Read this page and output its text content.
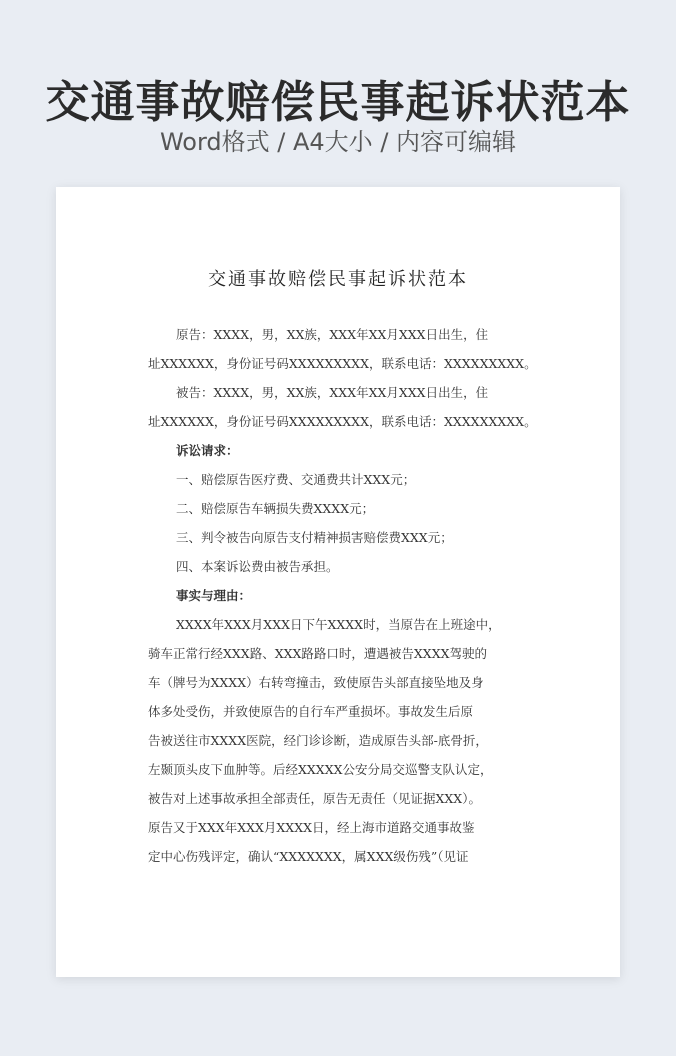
交通事故赔偿民事起诉状范本
Word格式 / A4大小 / 内容可编辑
交通事故赔偿民事起诉状范本
原告：XXXX，男，XX族，XXX年XX月XXX日出生，住
址XXXXXX，身份证号码XXXXXXXXX，联系电话：XXXXXXXXX。
被告：XXXX，男，XX族，XXX年XX月XXX日出生，住
址XXXXXX，身份证号码XXXXXXXXX，联系电话：XXXXXXXXX。
诉讼请求：
一、赔偿原告医疗费、交通费共计XXX元；
二、赔偿原告车辆损失费XXXX元；
三、判令被告向原告支付精神损害赔偿费XXX元；
四、本案诉讼费由被告承担。
事实与理由：
XXXX年XXX月XXX日下午XXXX时，当原告在上班途中，
骑车正常行经XXX路、XXX路路口时，遭遇被告XXXX驾驶的
车（牌号为XXXX）右转弯撞击，致使原告头部直接坠地及身
体多处受伤，并致使原告的自行车严重损坏。事故发生后原
告被送往市XXXX医院，经门诊诊断，造成原告头部-底骨折，
左颞顶头皮下血肿等。后经XXXXX公安分局交巡警支队认定，
被告对上述事故承担全部责任，原告无责任（见证据XXX）。
原告又于XXX年XXX月XXXX日，经上海市道路交通事故鉴
定中心伤残评定，确认“XXXXXXX，属XXX级伤残”（见证
